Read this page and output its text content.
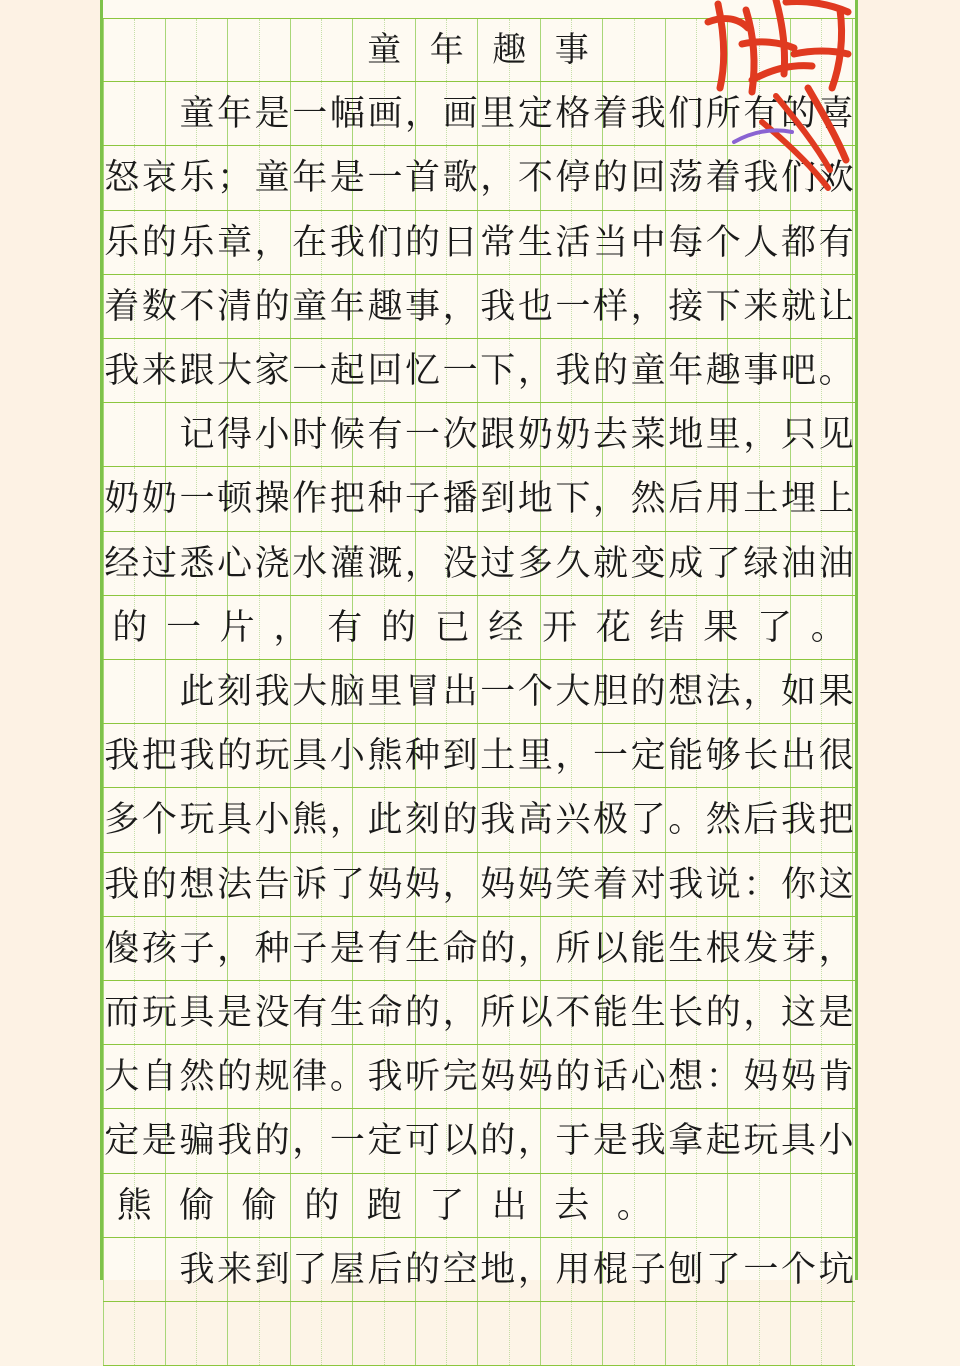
童 年 趣 事

童 年 是 一 幅 画 ， 画 里 定 格 着 我 们 所 有 的 喜
怒 哀 乐 ； 童 年 是 一 首 歌 ， 不 停 的 回 荡 着 我 们 欢
乐 的 乐 章 ， 在 我 们 的 日 常 生 活 当 中 每 个 人 都 有
着 数 不 清 的 童 年 趣 事 ， 我 也 一 样 ， 接 下 来 就 让
我 来 跟 大 家 一 起 回 忆 一 下 ， 我 的 童 年 趣 事 吧 。

记 得 小 时 候 有 一 次 跟 奶 奶 去 菜 地 里 ， 只 见
奶 奶 一 顿 操 作 把 种 子 播 到 地 下 ， 然 后 用 土 埋 上
经 过 悉 心 浇 水 灌 溉 ， 没 过 多 久 就 变 成 了 绿 油 油
的 一 片 ， 有 的 已 经 开 花 结 果 了 。

此 刻 我 大 脑 里 冒 出 一 个 大 胆 的 想 法 ， 如 果
我 把 我 的 玩 具 小 熊 种 到 土 里 ， 一 定 能 够 长 出 很
多 个 玩 具 小 熊 ， 此 刻 的 我 高 兴 极 了 。 然 后 我 把
我 的 想 法 告 诉 了 妈 妈 ， 妈 妈 笑 着 对 我 说 ： 你 这
傻 孩 子 ， 种 子 是 有 生 命 的 ， 所 以 能 生 根 发 芽 ，
而 玩 具 是 没 有 生 命 的 ， 所 以 不 能 生 长 的 ， 这 是
大 自 然 的 规 律 。 我 听 完 妈 妈 的 话 心 想 ： 妈 妈 肯
定 是 骗 我 的 ， 一 定 可 以 的 ， 于 是 我 拿 起 玩 具 小
熊 偷 偷 的 跑 了 出 去 。

我 来 到 了 屋 后 的 空 地 ， 用 棍 子 刨 了 一 个 坑
